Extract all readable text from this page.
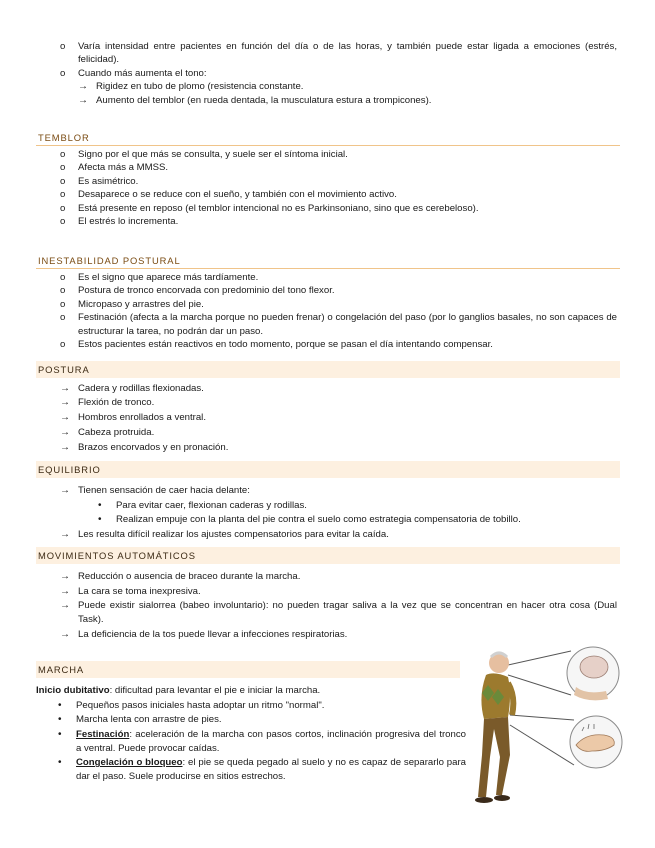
o Varía intensidad entre pacientes en función del día o de las horas, y también puede estar ligada a emociones (estrés, felicidad).
o Cuando más aumenta el tono:
→ Rigidez en tubo de plomo (resistencia constante.
→ Aumento del temblor (en rueda dentada, la musculatura estura a trompicones).
TEMBLOR
o Signo por el que más se consulta, y suele ser el síntoma inicial.
o Afecta más a MMSS.
o Es asimétrico.
o Desaparece o se reduce con el sueño, y también con el movimiento activo.
o Está presente en reposo (el temblor intencional no es Parkinsoniano, sino que es cerebeloso).
o El estrés lo incrementa.
INESTABILIDAD POSTURAL
o Es el signo que aparece más tardíamente.
o Postura de tronco encorvada con predominio del tono flexor.
o Micropaso y arrastres del pie.
o Festinación (afecta a la marcha porque no pueden frenar) o congelación del paso (por lo ganglios basales, no son capaces de estructurar la tarea, no podrán dar un paso.
o Estos pacientes están reactivos en todo momento, porque se pasan el día intentando compensar.
POSTURA
→ Cadera y rodillas flexionadas.
→ Flexión de tronco.
→ Hombros enrollados a ventral.
→ Cabeza protruida.
→ Brazos encorvados y en pronación.
EQUILIBRIO
→ Tienen sensación de caer hacia delante:
• Para evitar caer, flexionan caderas y rodillas.
• Realizan empuje con la planta del pie contra el suelo como estrategia compensatoria de tobillo.
→ Les resulta difícil realizar los ajustes compensatorios para evitar la caída.
MOVIMIENTOS AUTOMÁTICOS
→ Reducción o ausencia de braceo durante la marcha.
→ La cara se toma inexpresiva.
→ Puede existir sialorrea (babeo involuntario): no pueden tragar saliva a la vez que se concentran en hacer otra cosa (Dual Task).
→ La deficiencia de la tos puede llevar a infecciones respiratorias.
MARCHA
Inicio dubitativo: dificultad para levantar el pie e iniciar la marcha.
• Pequeños pasos iniciales hasta adoptar un ritmo "normal".
• Marcha lenta con arrastre de pies.
• Festinación: aceleración de la marcha con pasos cortos, inclinación progresiva del tronco a ventral. Puede provocar caídas.
• Congelación o bloqueo: el pie se queda pegado al suelo y no es capaz de separarlo para dar el paso. Suele producirse en sitios estrechos.
